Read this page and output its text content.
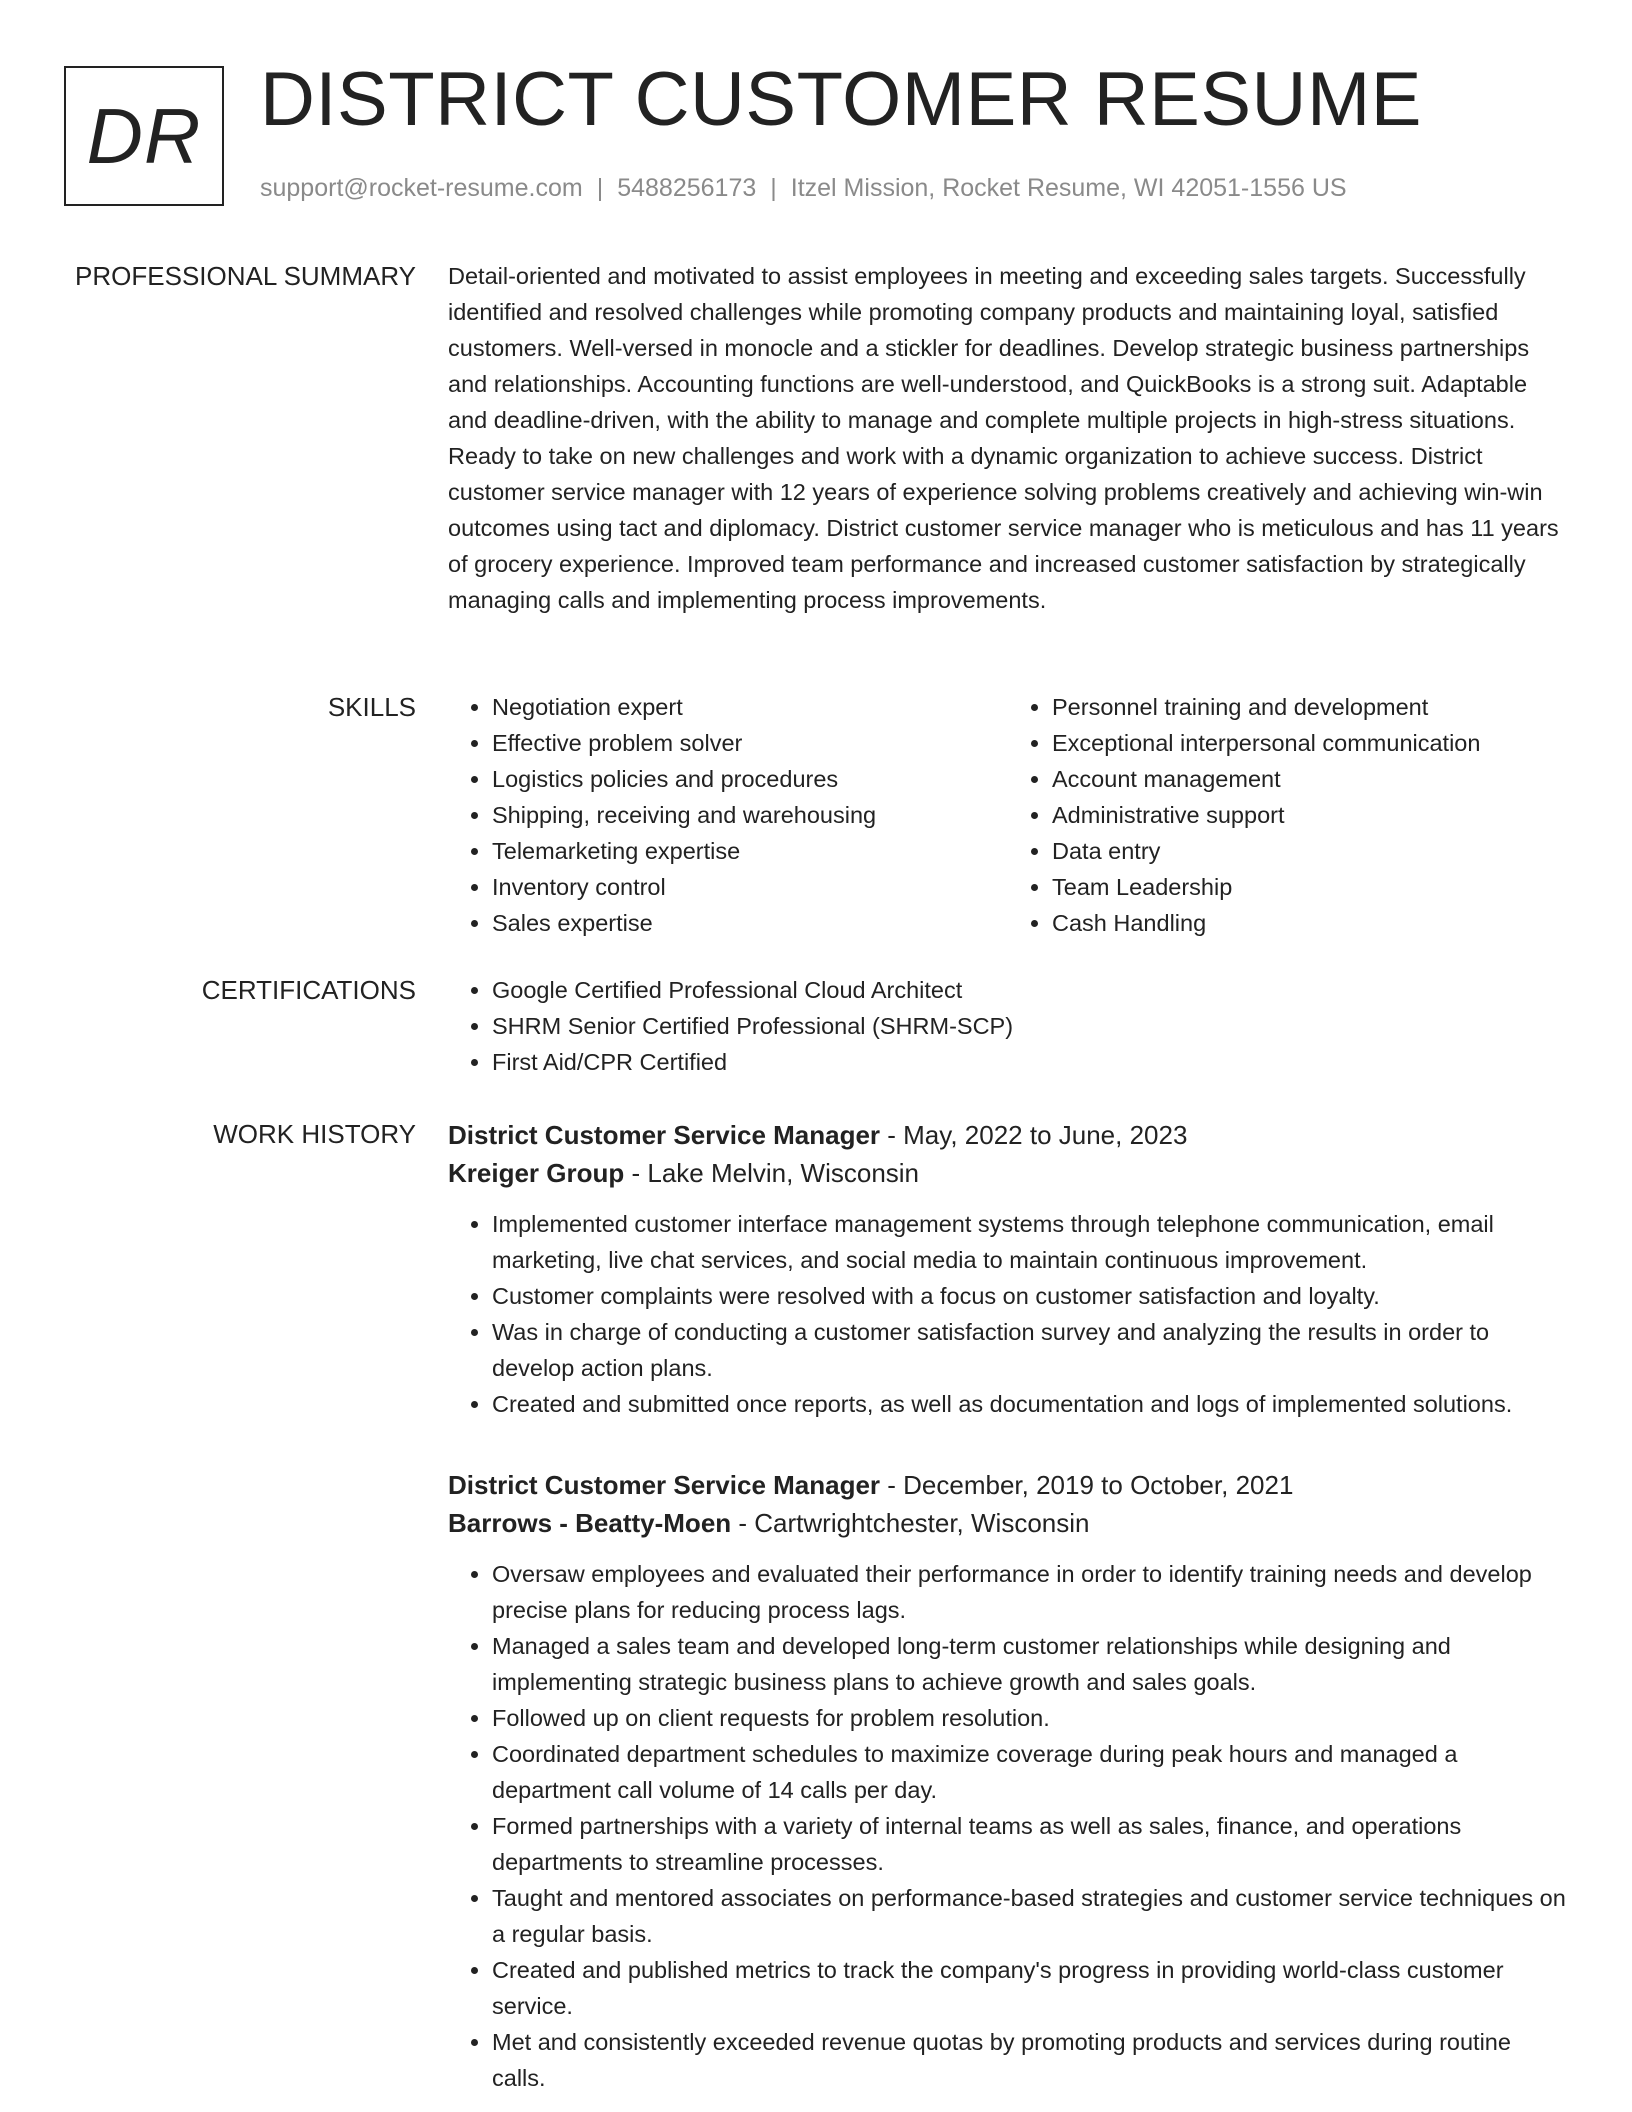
DR DISTRICT CUSTOMER RESUME
support@rocket-resume.com | 5488256173 | Itzel Mission, Rocket Resume, WI 42051-1556 US
PROFESSIONAL SUMMARY Detail-oriented and motivated to assist employees in meeting and exceeding sales targets. Successfully identified and resolved challenges while promoting company products and maintaining loyal, satisfied customers. Well-versed in monocle and a stickler for deadlines. Develop strategic business partnerships and relationships. Accounting functions are well-understood, and QuickBooks is a strong suit. Adaptable and deadline-driven, with the ability to manage and complete multiple projects in high-stress situations. Ready to take on new challenges and work with a dynamic organization to achieve success. District customer service manager with 12 years of experience solving problems creatively and achieving win-win outcomes using tact and diplomacy. District customer service manager who is meticulous and has 11 years of grocery experience. Improved team performance and increased customer satisfaction by strategically managing calls and implementing process improvements.

SKILLS	• Negotiation expert
• Effective problem solver
• Logistics policies and procedures
• Shipping, receiving and warehousing
• Telemarketing expertise
• Inventory control
• Sales expertise
• Personnel training and development
• Exceptional interpersonal communication
• Account management
• Administrative support
• Data entry
• Team Leadership
• Cash Handling
CERTIFICATIONS	• Google Certified Professional Cloud Architect
• SHRM Senior Certified Professional (SHRM-SCP)
• First Aid/CPR Certified
WORK HISTORY District Customer Service Manager - May, 2022 to June, 2023
Kreiger Group - Lake Melvin, Wisconsin
• Implemented customer interface management systems through telephone communication, email marketing, live chat services, and social media to maintain continuous improvement.
• Customer complaints were resolved with a focus on customer satisfaction and loyalty.
• Was in charge of conducting a customer satisfaction survey and analyzing the results in order to develop action plans.
• Created and submitted once reports, as well as documentation and logs of implemented solutions.
District Customer Service Manager - December, 2019 to October, 2021
Barrows - Beatty-Moen - Cartwrightchester, Wisconsin
• Oversaw employees and evaluated their performance in order to identify training needs and develop precise plans for reducing process lags.
• Managed a sales team and developed long-term customer relationships while designing and implementing strategic business plans to achieve growth and sales goals.
• Followed up on client requests for problem resolution.
• Coordinated department schedules to maximize coverage during peak hours and managed a department call volume of 14 calls per day.
• Formed partnerships with a variety of internal teams as well as sales, finance, and operations departments to streamline processes.
• Taught and mentored associates on performance-based strategies and customer service techniques on a regular basis.
• Created and published metrics to track the company's progress in providing world-class customer service.
• Met and consistently exceeded revenue quotas by promoting products and services during routine calls.
